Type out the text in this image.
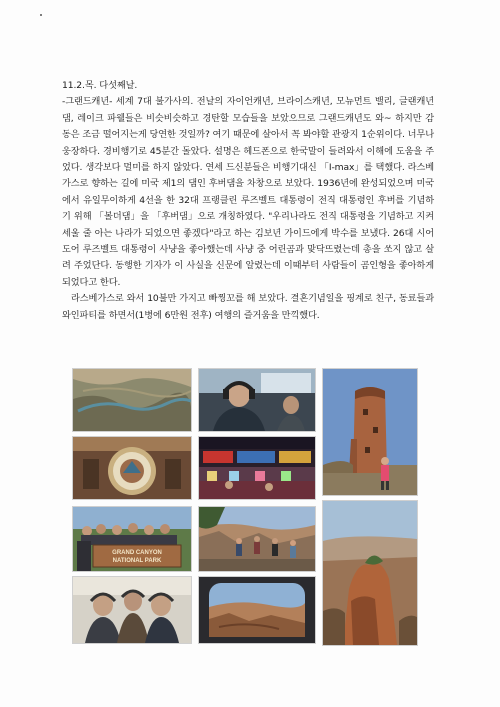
11.2.목. 다섯째날.

-그랜드캐년- 세계 7대 불가사의. 전날의 자이언캐년, 브라이스캐년, 모뉴먼트 밸리, 글랜캐년 댐, 레이크 파웰들은 비슷비슷하고 경탄할 모습들을 보았으므로 그랜드캐년도 와~ 하지만 감동은 조금 떨어지는게 당연한 것일까? 여기 때문에 살아서 꼭 봐야할 관광지 1순위이다. 너무나 웅장하다. 경비행기로 45분간 돌았다. 설명은 헤드폰으로 한국말이 들려와서 이해에 도움을 주었다. 생각보다 멀미를 하지 않았다. 연세 드신분들은 비행기대신 「I-max」를 택했다. 라스베가스로 향하는 길에 미국 제1의 댐인 후버댐을 차창으로 보았다. 1936년에 완성되었으며 미국에서 유일무이하게 4선을 한 32대 프랭클린 루즈벨트 대통령이 전직 대통령인 후버를 기념하기 위해 「볼더댐」을 「후버댐」으로 개칭하였다. "우리나라도 전직 대통령을 기념하고 지켜세울 줄 아는 나라가 되었으면 좋겠다"라고 하는 김보년 가이드에게 박수를 보냈다. 26대 시어도어 루즈벨트 대통령이 사냥을 좋아했는데 사냥 중 어린곰과 맞닥뜨렸는데 총을 쏘지 않고 살려 주었단다. 동행한 기자가 이 사실을 신문에 알렸는데 이때부터 사람들이 곰인형을 좋아하게 되었다고 한다.

라스베가스로 와서 10불만 가지고 빠찡꼬를 해 보았다. 결혼기념일을 핑계로 친구, 동료들과 와인파티를 하면서(1병에 6만원 전후) 여행의 즐거움을 만끽했다.

GRAND CANYON
NATIONAL PARK
